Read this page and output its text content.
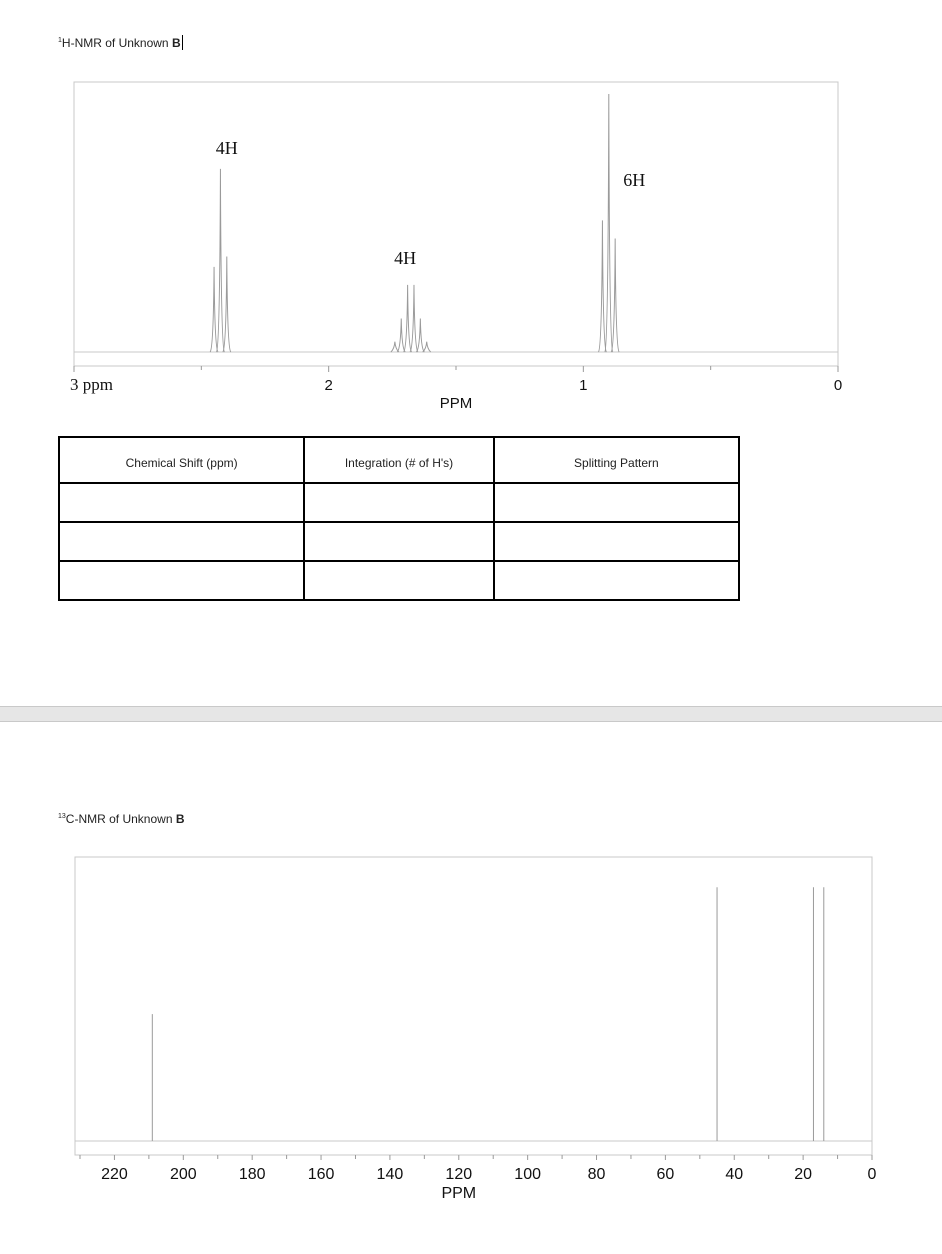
$^1$H-NMR of Unknown B
3 ppm	2	1	0
PPM
4H
4H
6H
Chemical Shift (ppm)	Integration (# of H's)	Splitting Pattern

$^{13}$C-NMR of Unknown B
220	200	180	160	140	120	100	80	60	40	20	0
PPM
